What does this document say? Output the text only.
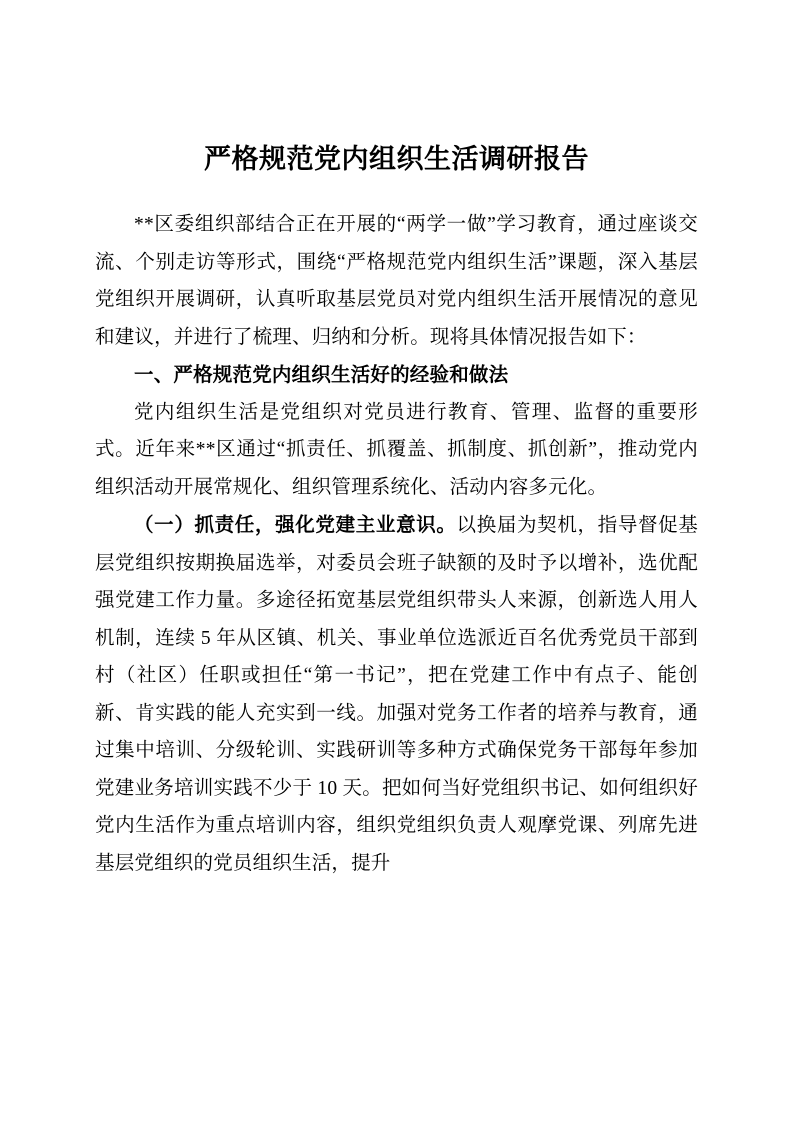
严格规范党内组织生活调研报告

**区委组织部结合正在开展的“两学一做”学习教育，通过座谈交流、个别走访等形式，围绕“严格规范党内组织生活”课题，深入基层党组织开展调研，认真听取基层党员对党内组织生活开展情况的意见和建议，并进行了梳理、归纳和分析。现将具体情况报告如下：

一、严格规范党内组织生活好的经验和做法

党内组织生活是党组织对党员进行教育、管理、监督的重要形式。近年来**区通过“抓责任、抓覆盖、抓制度、抓创新”，推动党内组织活动开展常规化、组织管理系统化、活动内容多元化。

（一）抓责任，强化党建主业意识。以换届为契机，指导督促基层党组织按期换届选举，对委员会班子缺额的及时予以增补，选优配强党建工作力量。多途径拓宽基层党组织带头人来源，创新选人用人机制，连续 5 年从区镇、机关、事业单位选派近百名优秀党员干部到村（社区）任职或担任“第一书记”，把在党建工作中有点子、能创新、肯实践的能人充实到一线。加强对党务工作者的培养与教育，通过集中培训、分级轮训、实践研训等多种方式确保党务干部每年参加党建业务培训实践不少于 10 天。把如何当好党组织书记、如何组织好党内生活作为重点培训内容，组织党组织负责人观摩党课、列席先进基层党组织的党员组织生活，提升
